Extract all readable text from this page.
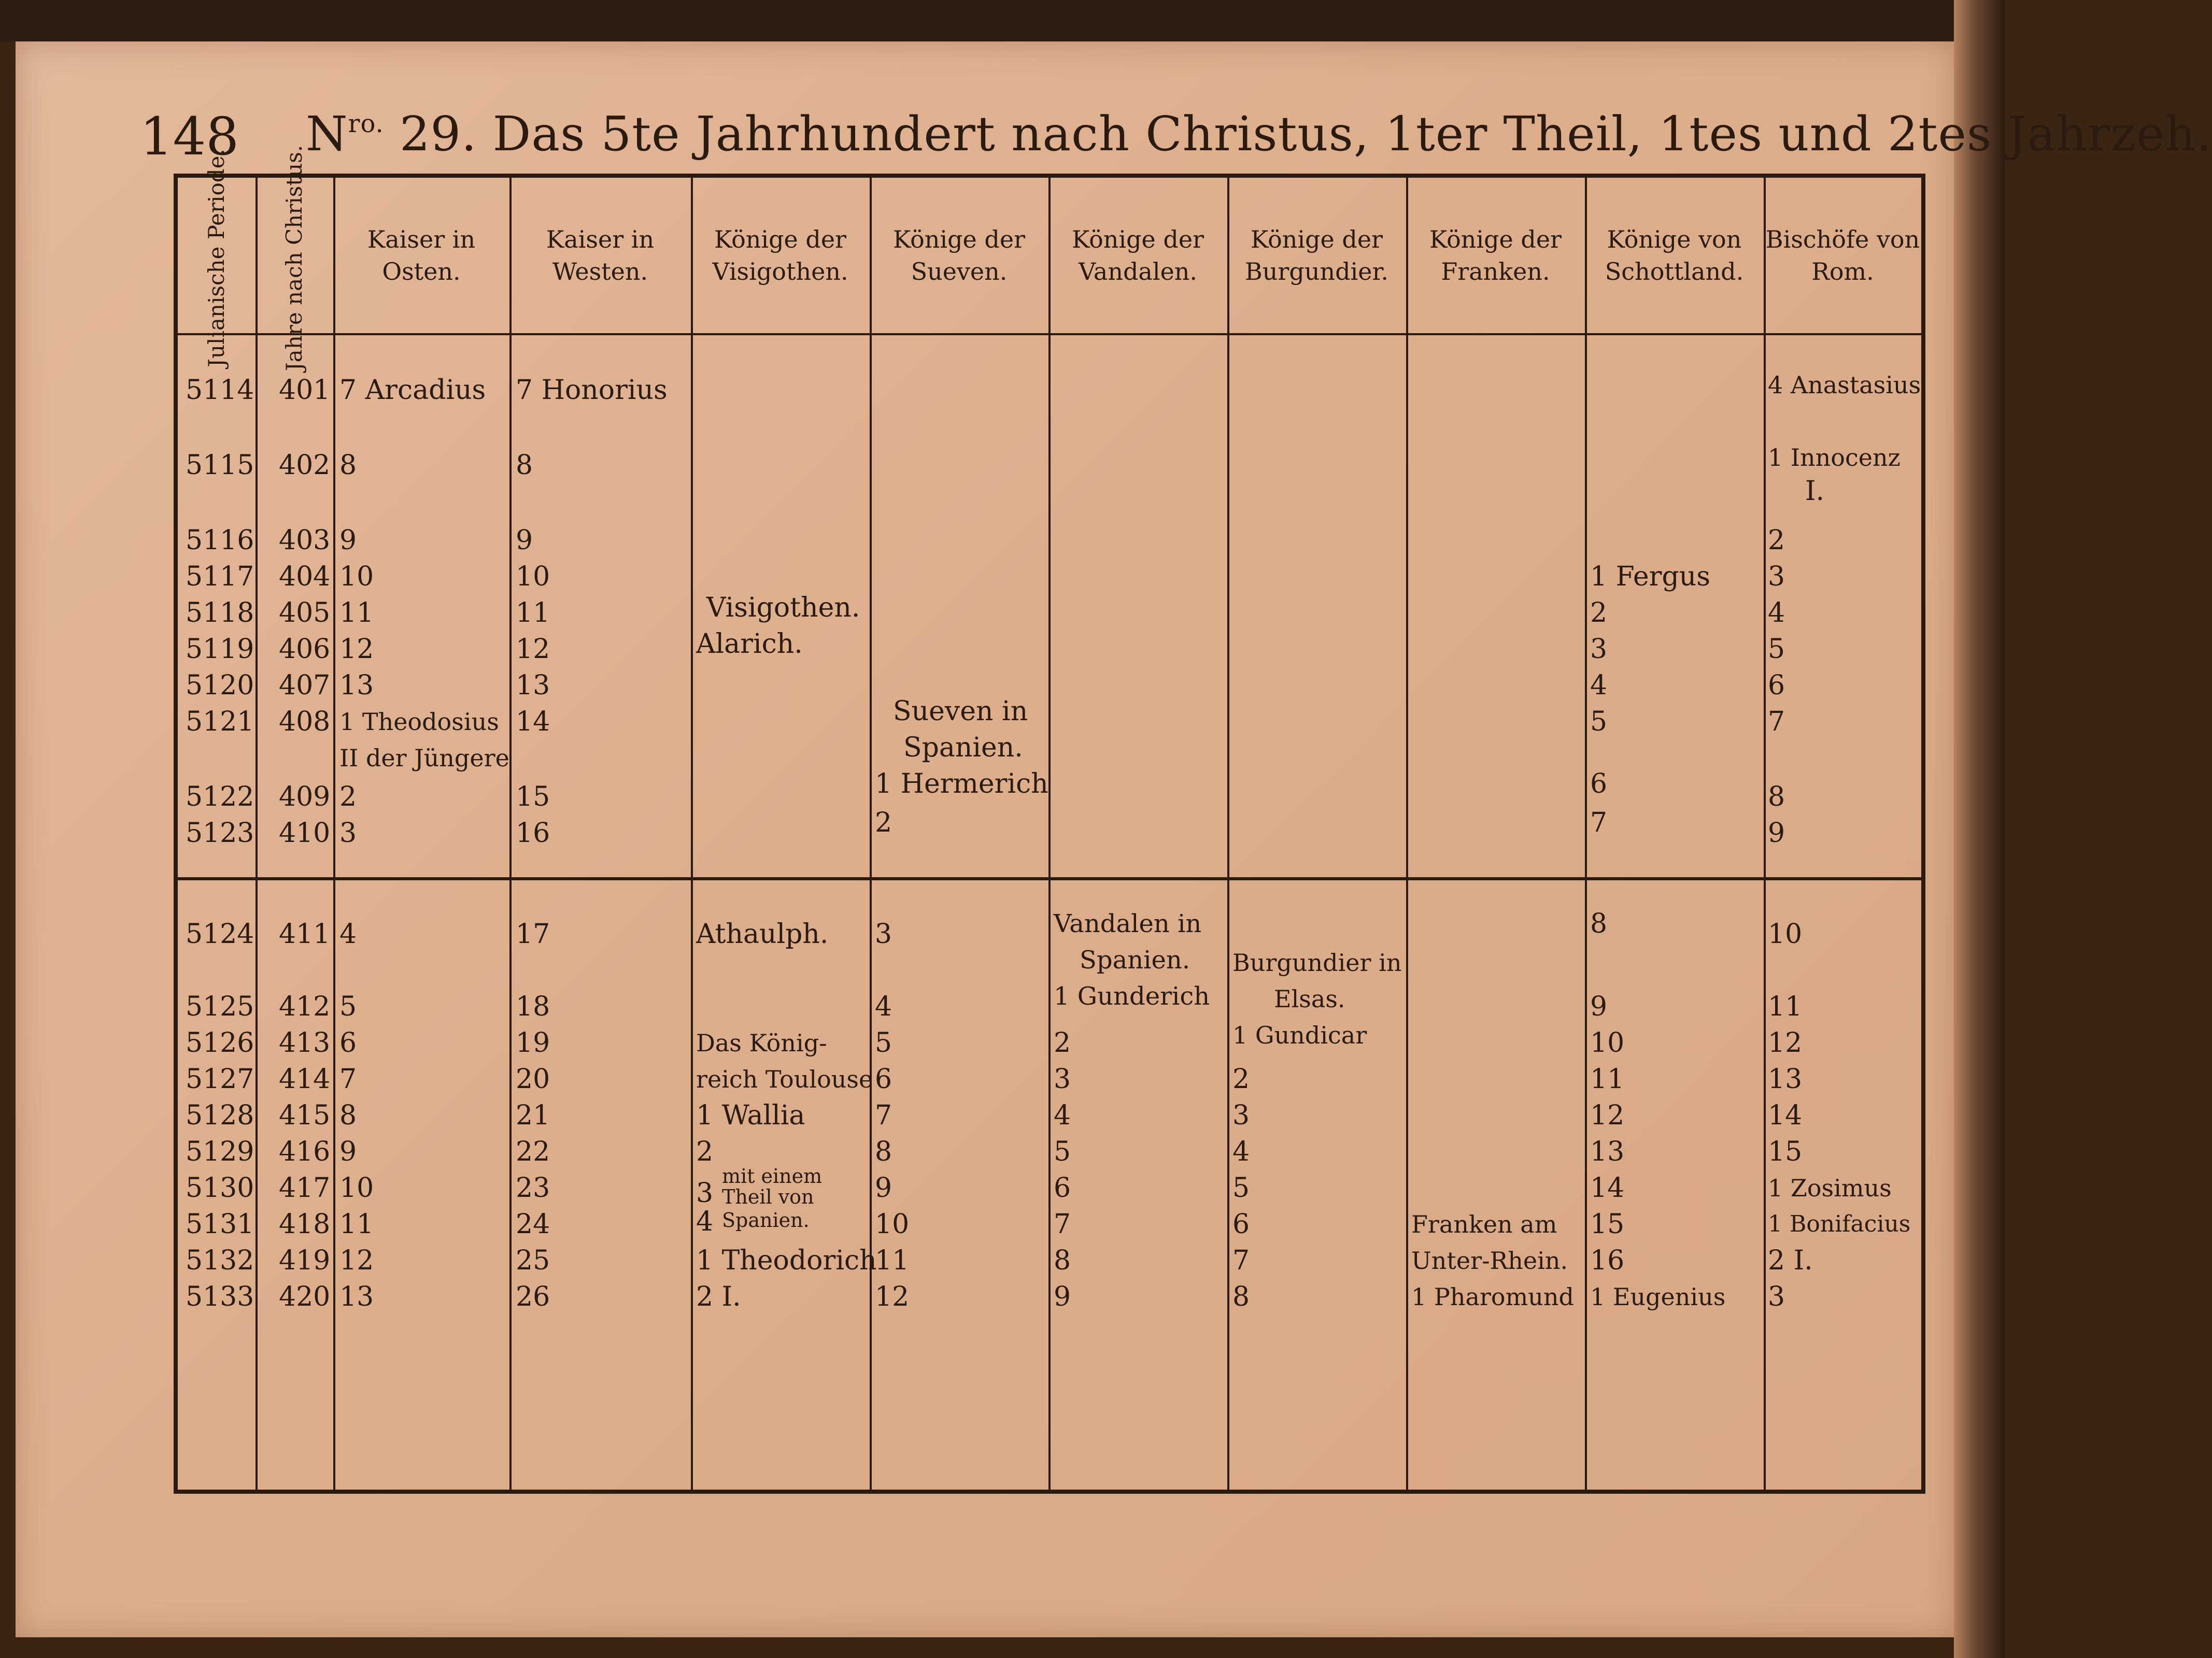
148 $N^{ro.}$ 29. Das 5te Jahrhundert nach Christus, 1ter Theil, 1tes und 2tes Jahrzeh.
Julianische Periode. Jahre nach Christus.	Kaiser in Osten.
Kaiser in Westen.
Könige der Visigothen.
Könige der Sueven.
Könige der Vandalen.
Könige der Burgundier.
Könige der Franken.
Könige von Schottland.
Bischöfe von Rom.
5114
5115
5116
5117
5118
5119
5120
5121
5122
5123
5124
5125
5126
5127
5128
5129
5130
5131
5132
5133
401
402
403
404
405
406
407
408
409
410
411
412
413
414
415
416
417
418
419
420
7 Arcadius
8
9
10
11
12
13
1 Theodosius
II der Jüngere
2
3
4
5
6
7
8
9
10
11
12
13
7 Honorius
8
9
10
11
12
13
14
15
16
17
18
19
20
21
22
23
24
25
26
Visigothen.
Alarich.
Athaulph.
Das König-
reich Toulouse
1 Wallia
2
3
mit einem
Theil von
4 Spanien.
1 Theodorich
2 I.
Sueven in
Spanien.
1 Hermerich
2
3
4
5
6
7
8
9
10
11
12
Vandalen in
Spanien.
1 Gunderich
2
3
4
5
6
7
8
9
Burgundier in
Elsas.
1 Gundicar
2
3
4
5
6
7
8
Franken am
Unter-Rhein.
1 Pharomund
1 Fergus
2
3
4
5
6
7
8
9
10
11
12
13
14
15
16
1 Eugenius
4 Anastasius
1 Innocenz
I.
2
3
4
5
6
7
8
9
10
11
12
13
14
15
1 Zosimus
1 Bonifacius
2 I.
3
